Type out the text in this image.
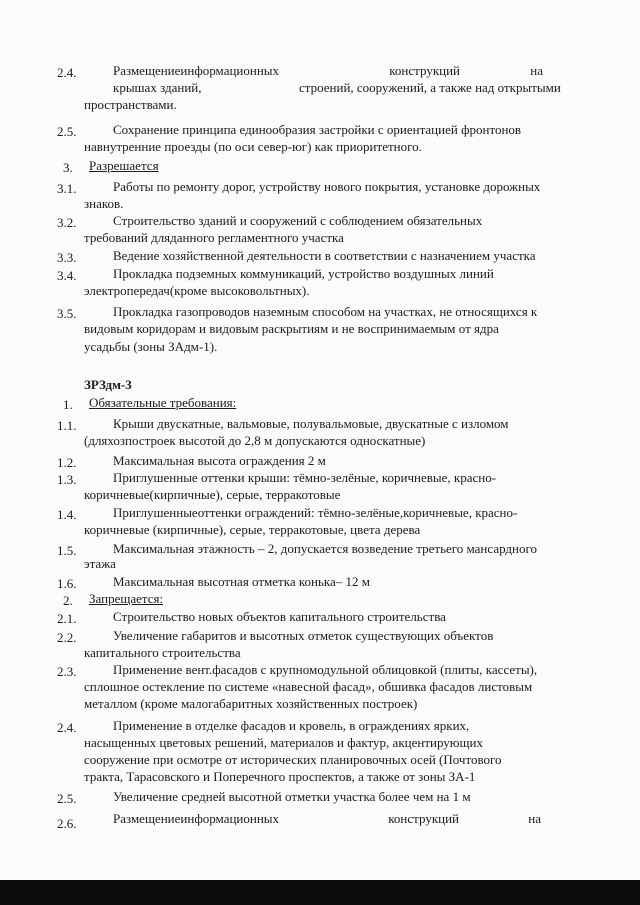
2.4.	Размещениеинформационных	конструкций	на
крышах зданий,	строений, сооружений, а также над открытыми
пространствами.
2.5.	Сохранение принципа единообразия застройки с ориентацией фронтонов
навнутренние проезды (по оси север-юг) как приоритетного.
3. Разрешается
3.1.	Работы по ремонту дорог, устройству нового покрытия, установке дорожных
знаков.
3.2.	Строительство зданий и сооружений с соблюдением обязательных
требований дляданного регламентного участка
3.3.	Ведение хозяйственной деятельности в соответствии с назначением участка
3.4.	Прокладка подземных коммуникаций, устройство воздушных линий
электропередач(кроме высоковольтных).
3.5.	Прокладка газопроводов наземным способом на участках, не относящихся к
видовым коридорам и видовым раскрытиям и не воспринимаемым от ядра
усадьбы (зоны ЗАдм-1).
ЗРЗдм-3
1. Обязательные требования:
1.1.	Крыши двускатные, вальмовые, полувальмовые, двускатные с изломом
(дляхозпостроек высотой до 2,8 м допускаются односкатные)
1.2.	Максимальная высота ограждения 2 м
1.3.	Приглушенные оттенки крыши: тёмно-зелёные, коричневые, красно-
коричневые(кирпичные), серые, терракотовые
1.4.	Приглушенныеоттенки ограждений: тёмно-зелёные,коричневые, красно-
коричневые (кирпичные), серые, терракотовые, цвета дерева
1.5.	Максимальная этажность – 2, допускается возведение третьего мансардного
этажа
1.6.	Максимальная высотная отметка конька– 12 м
2. Запрещается:
2.1.	Строительство новых объектов капитального строительства
2.2.	Увеличение габаритов и высотных отметок существующих объектов
капитального строительства
2.3.	Применение вент.фасадов с крупномодульной облицовкой (плиты, кассеты),
сплошное остекление по системе «навесной фасад», обшивка фасадов листовым
металлом (кроме малогабаритных хозяйственных построек)
2.4.	Применение в отделке фасадов и кровель, в ограждениях ярких,
насыщенных цветовых решений, материалов и фактур, акцентирующих
сооружение при осмотре от исторических планировочных осей (Почтового
тракта, Тарасовского и Поперечного проспектов, а также от зоны ЗА-1
2.5.	Увеличение средней высотной отметки участка более чем на 1 м
2.6.	Размещениеинформационных	конструкций	на
